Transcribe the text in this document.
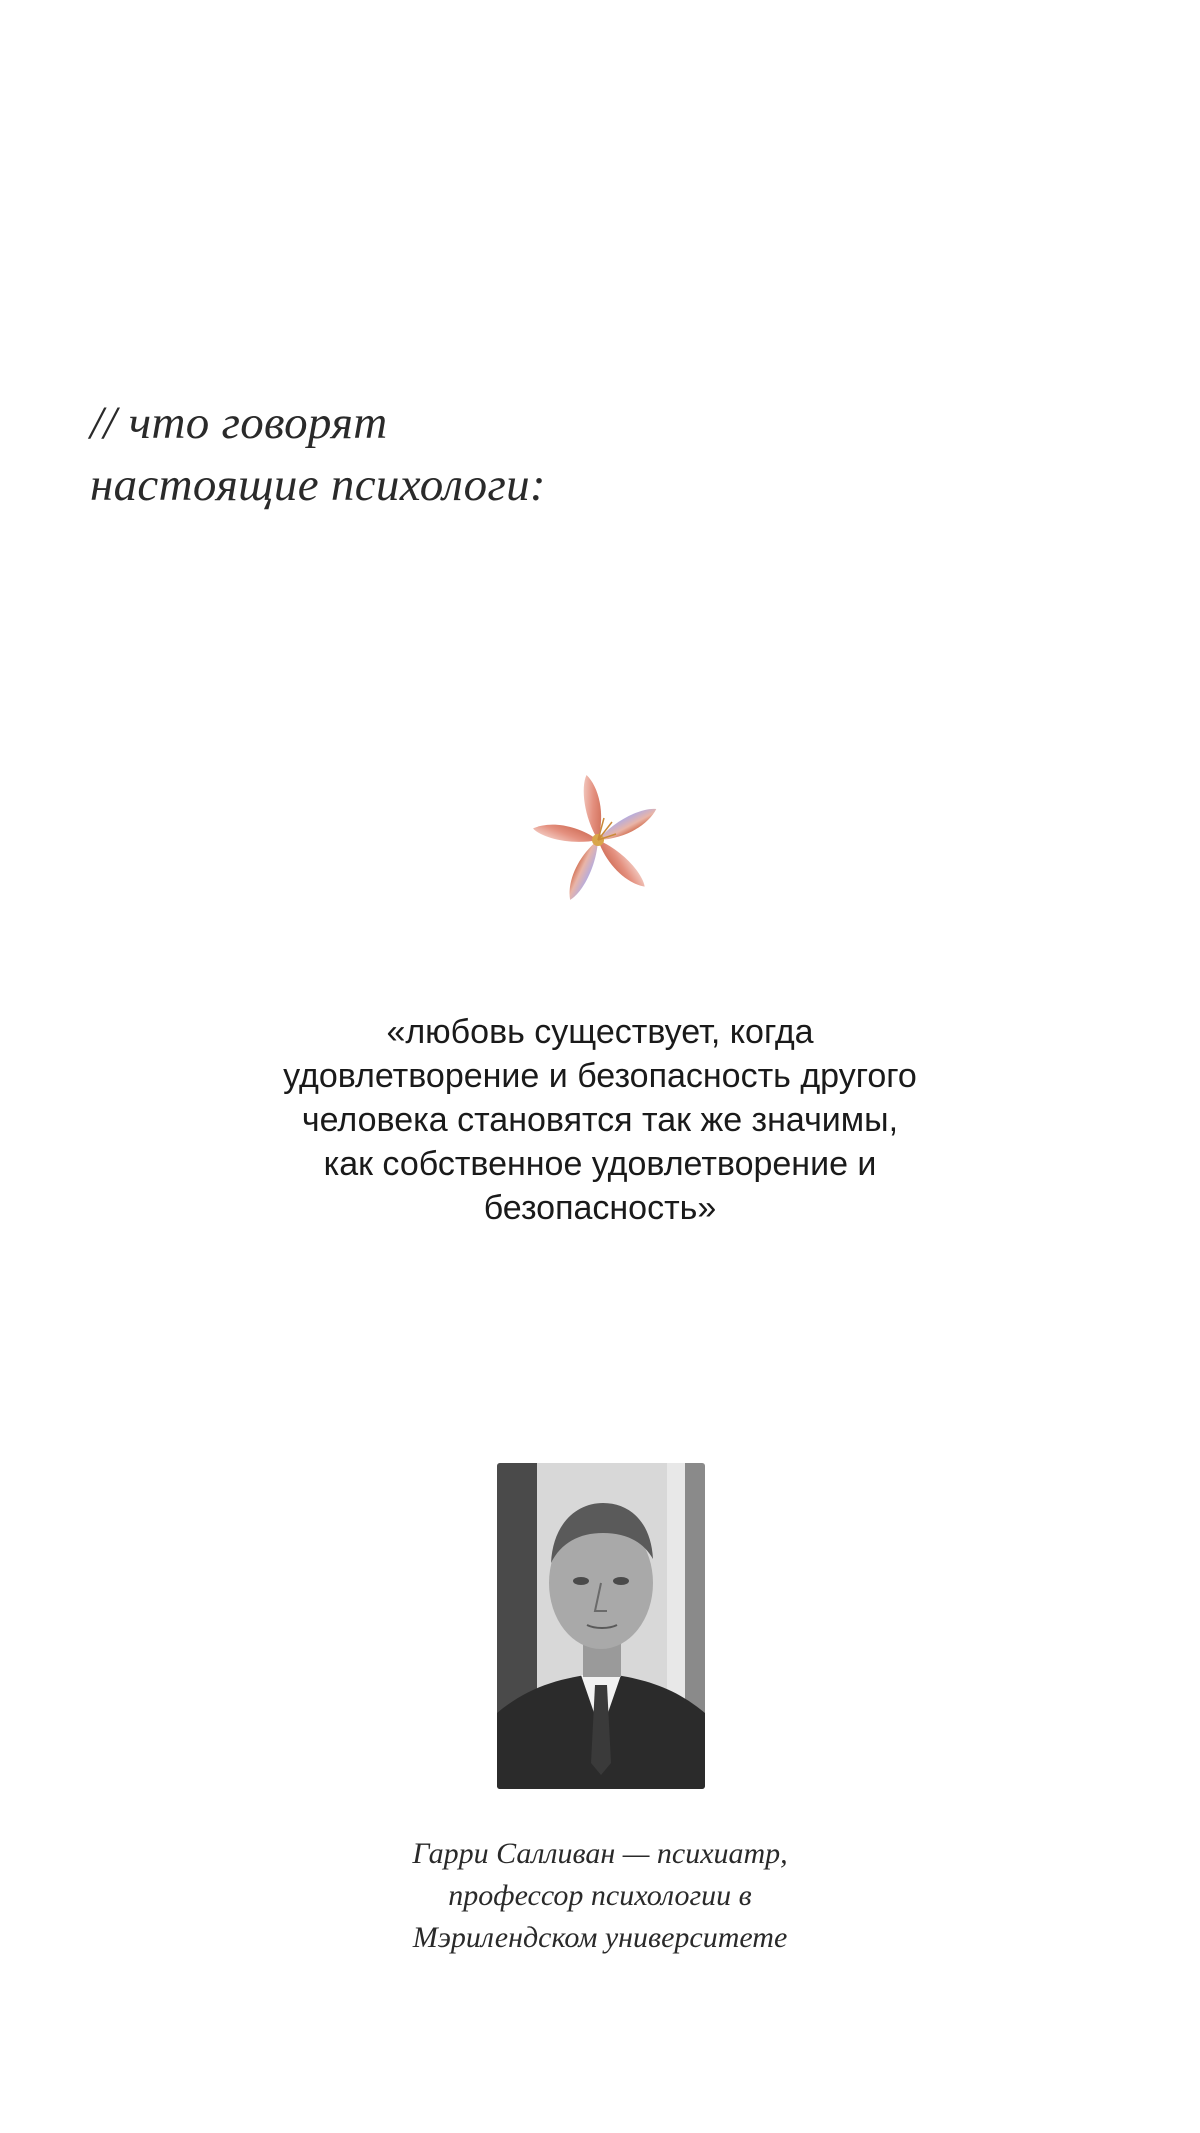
// что говорят
настоящие психологи:
«любовь существует, когда
удовлетворение и безопасность другого
человека становятся так же значимы,
как собственное удовлетворение и
безопасность»
Гарри Салливан — психиатр,
профессор психологии в
Мэрилендском университете
